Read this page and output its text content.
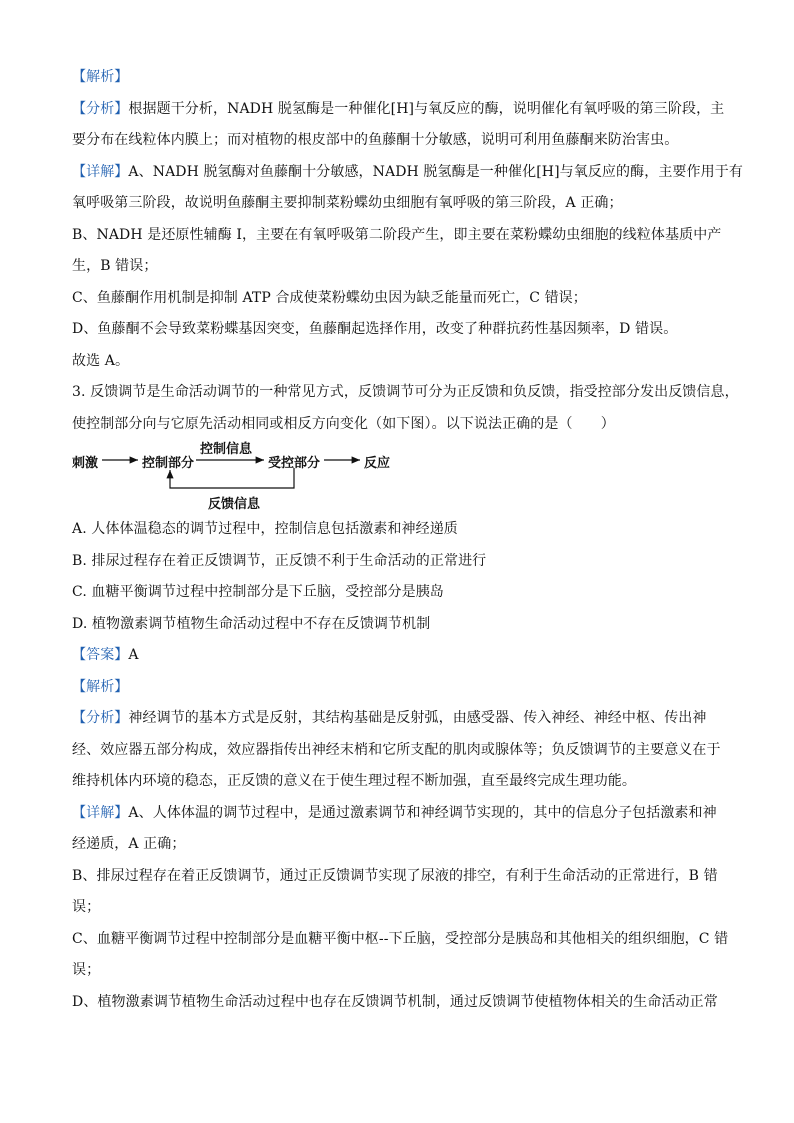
【解析】
【分析】根据题干分析，NADH 脱氢酶是一种催化[H]与氧反应的酶，说明催化有氧呼吸的第三阶段，主
要分布在线粒体内膜上；而对植物的根皮部中的鱼藤酮十分敏感，说明可利用鱼藤酮来防治害虫。
【详解】A、NADH 脱氢酶对鱼藤酮十分敏感，NADH 脱氢酶是一种催化[H]与氧反应的酶，主要作用于有
氧呼吸第三阶段，故说明鱼藤酮主要抑制菜粉蝶幼虫细胞有氧呼吸的第三阶段，A 正确；
B、NADH 是还原性辅酶 I，主要在有氧呼吸第二阶段产生，即主要在菜粉蝶幼虫细胞的线粒体基质中产
生，B 错误；
C、鱼藤酮作用机制是抑制 ATP 合成使菜粉蝶幼虫因为缺乏能量而死亡，C 错误；
D、鱼藤酮不会导致菜粉蝶基因突变，鱼藤酮起选择作用，改变了种群抗药性基因频率，D 错误。
故选 A。
3. 反馈调节是生命活动调节的一种常见方式，反馈调节可分为正反馈和负反馈，指受控部分发出反馈信息，
使控制部分向与它原先活动相同或相反方向变化（如下图）。以下说法正确的是（　　）
刺激	控制部分
控制信息
受控部分	反应
反馈信息
A. 人体体温稳态的调节过程中，控制信息包括激素和神经递质
B. 排尿过程存在着正反馈调节，正反馈不利于生命活动的正常进行
C. 血糖平衡调节过程中控制部分是下丘脑，受控部分是胰岛
D. 植物激素调节植物生命活动过程中不存在反馈调节机制
【答案】A
【解析】
【分析】神经调节的基本方式是反射，其结构基础是反射弧，由感受器、传入神经、神经中枢、传出神
经、效应器五部分构成，效应器指传出神经末梢和它所支配的肌肉或腺体等；负反馈调节的主要意义在于
维持机体内环境的稳态，正反馈的意义在于使生理过程不断加强，直至最终完成生理功能。
【详解】A、人体体温的调节过程中，是通过激素调节和神经调节实现的，其中的信息分子包括激素和神
经递质，A 正确；
B、排尿过程存在着正反馈调节，通过正反馈调节实现了尿液的排空，有利于生命活动的正常进行，B 错
误；
C、血糖平衡调节过程中控制部分是血糖平衡中枢--下丘脑，受控部分是胰岛和其他相关的组织细胞，C 错
误；
D、植物激素调节植物生命活动过程中也存在反馈调节机制，通过反馈调节使植物体相关的生命活动正常
